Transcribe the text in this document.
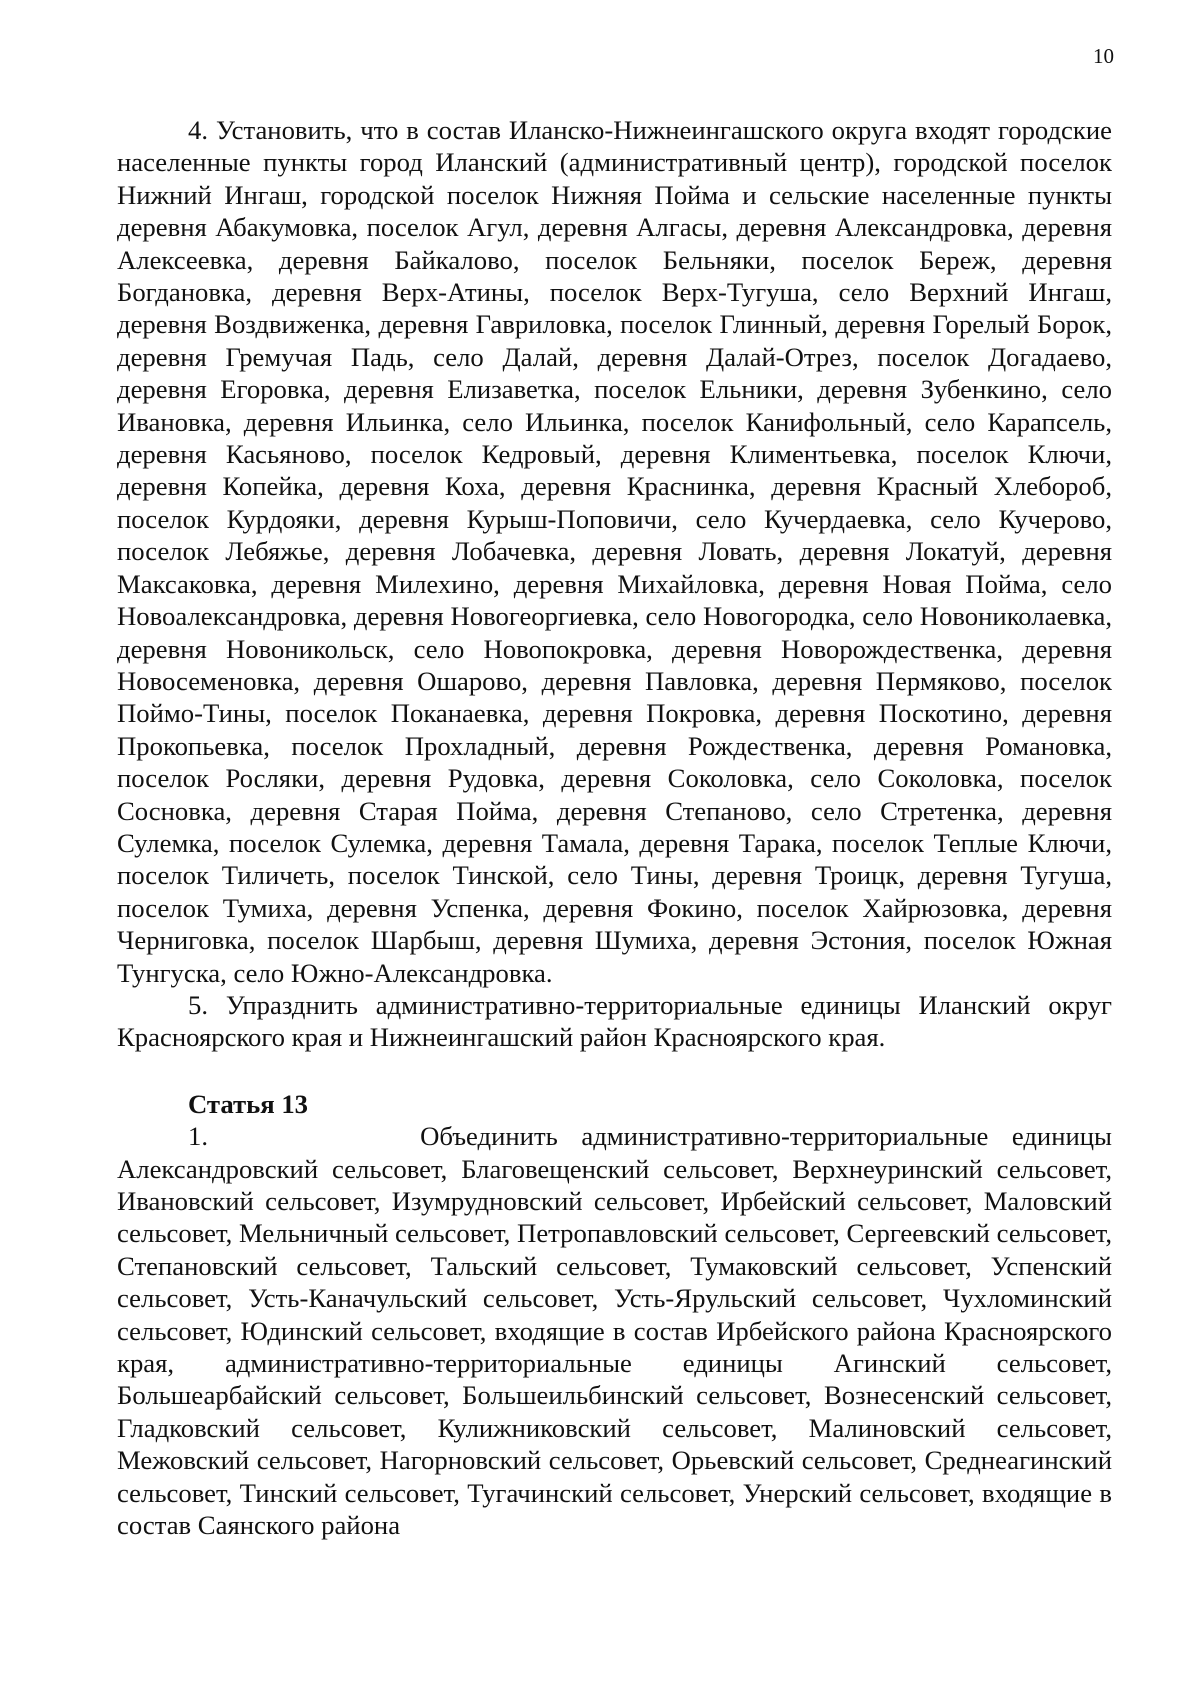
10

4. Установить, что в состав Иланско-Нижнеингашского округа входят городские населенные пункты город Иланский (административный центр), городской поселок Нижний Ингаш, городской поселок Нижняя Пойма и сельские населенные пункты деревня Абакумовка, поселок Агул, деревня Алгасы, деревня Александровка, деревня Алексеевка, деревня Байкалово, поселок Бельняки, поселок Береж, деревня Богдановка, деревня Верх-Атины, поселок Верх-Тугуша, село Верхний Ингаш, деревня Воздвиженка, деревня Гавриловка, поселок Глинный, деревня Горелый Борок, деревня Гремучая Падь, село Далай, деревня Далай-Отрез, поселок Догадаево, деревня Егоровка, деревня Елизаветка, поселок Ельники, деревня Зубенкино, село Ивановка, деревня Ильинка, село Ильинка, поселок Канифольный, село Карапсель, деревня Касьяново, поселок Кедровый, деревня Климентьевка, поселок Ключи, деревня Копейка, деревня Коха, деревня Краснинка, деревня Красный Хлебороб, поселок Курдояки, деревня Курыш-Поповичи, село Кучердаевка, село Кучерово, поселок Лебяжье, деревня Лобачевка, деревня Ловать, деревня Локатуй, деревня Максаковка, деревня Милехино, деревня Михайловка, деревня Новая Пойма, село Новоалександровка, деревня Новогеоргиевка, село Новогородка, село Новониколаевка, деревня Новоникольск, село Новопокровка, деревня Новорождественка, деревня Новосеменовка, деревня Ошарово, деревня Павловка, деревня Пермяково, поселок Поймо-Тины, поселок Поканаевка, деревня Покровка, деревня Поскотино, деревня Прокопьевка, поселок Прохладный, деревня Рождественка, деревня Романовка, поселок Росляки, деревня Рудовка, деревня Соколовка, село Соколовка, поселок Сосновка, деревня Старая Пойма, деревня Степаново, село Стретенка, деревня Сулемка, поселок Сулемка, деревня Тамала, деревня Тарака, поселок Теплые Ключи, поселок Тиличеть, поселок Тинской, село Тины, деревня Троицк, деревня Тугуша, поселок Тумиха, деревня Успенка, деревня Фокино, поселок Хайрюзовка, деревня Черниговка, поселок Шарбыш, деревня Шумиха, деревня Эстония, поселок Южная Тунгуска, село Южно-Александровка.

5. Упразднить административно-территориальные единицы Иланский округ Красноярского края и Нижнеингашский район Красноярского края.

Статья 13

1.         Объединить административно-территориальные единицы

Александровский сельсовет, Благовещенский сельсовет, Верхнеуринский сельсовет, Ивановский сельсовет, Изумрудновский сельсовет, Ирбейский сельсовет, Маловский сельсовет, Мельничный сельсовет, Петропавловский сельсовет, Сергеевский сельсовет, Степановский сельсовет, Тальский сельсовет, Тумаковский сельсовет, Успенский сельсовет, Усть-Каначульский сельсовет, Усть-Ярульский сельсовет, Чухломинский сельсовет, Юдинский сельсовет, входящие в состав Ирбейского района Красноярского края, административно-территориальные единицы Агинский сельсовет, Большеарбайский сельсовет, Большеильбинский сельсовет, Вознесенский сельсовет, Гладковский сельсовет, Кулижниковский сельсовет, Малиновский сельсовет, Межовский сельсовет, Нагорновский сельсовет, Орьевский сельсовет, Среднеагинский сельсовет, Тинский сельсовет, Тугачинский сельсовет, Унерский сельсовет, входящие в состав Саянского района
